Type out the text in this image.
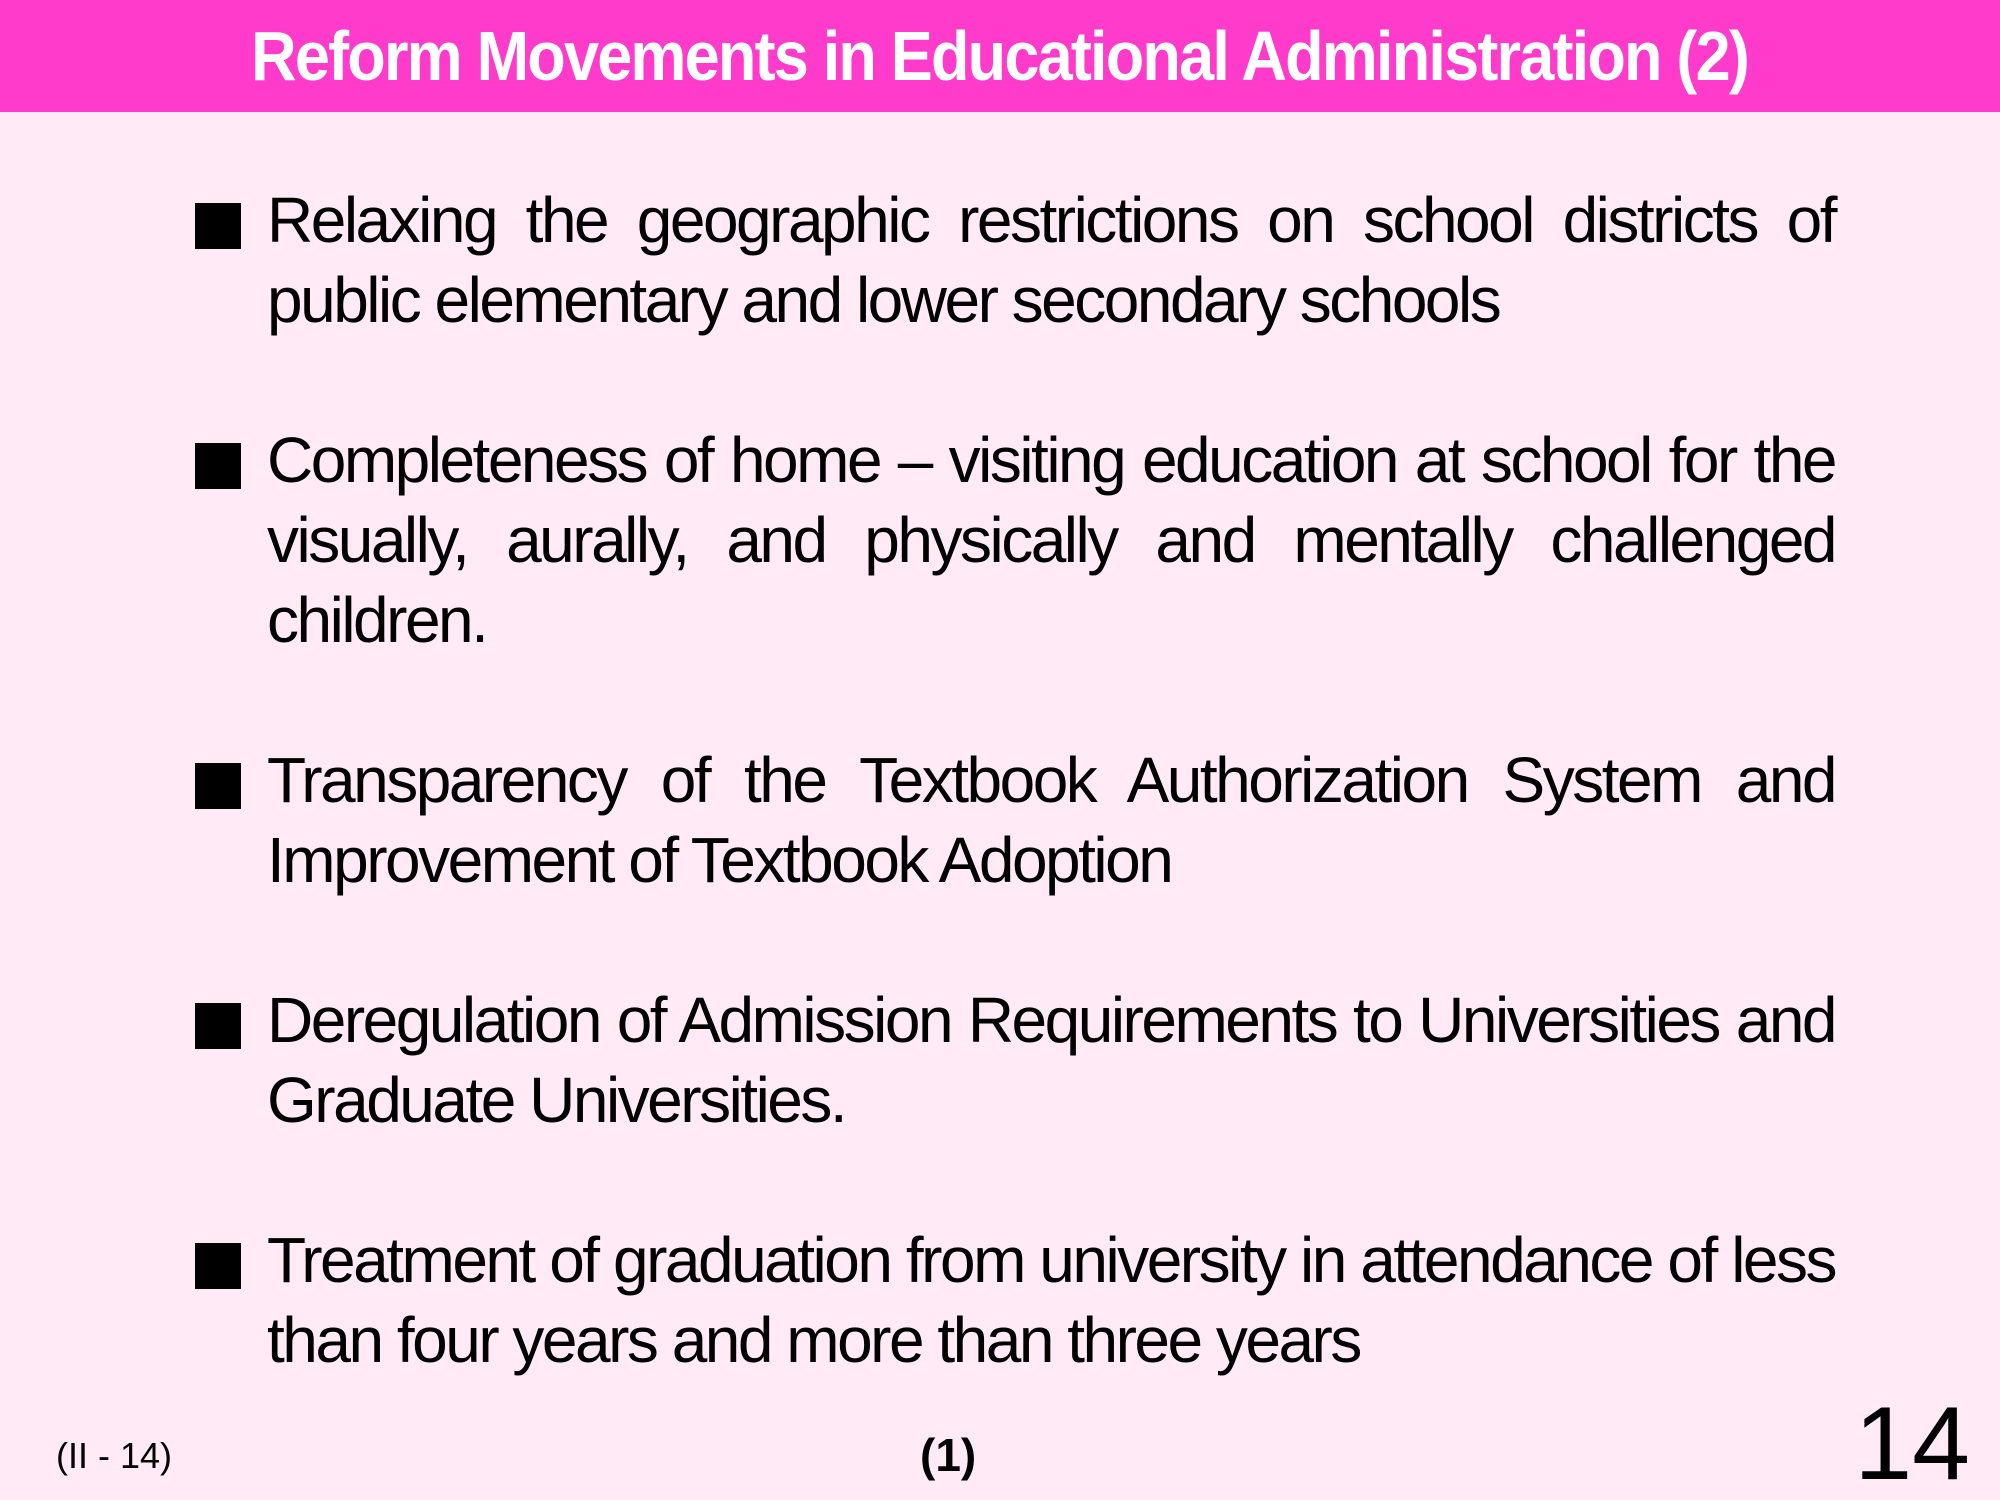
Reform Movements in Educational Administration (2)
Relaxing the geographic restrictions on school districts of public elementary and lower secondary schools
Completeness of home – visiting education at school for the visually, aurally, and physically and mentally challenged children.
Transparency of the Textbook Authorization System and Improvement of Textbook Adoption
Deregulation of Admission Requirements to Universities and Graduate Universities.
Treatment of graduation from university in attendance of less than four years and more than three years
(II - 14)	(1)	14
